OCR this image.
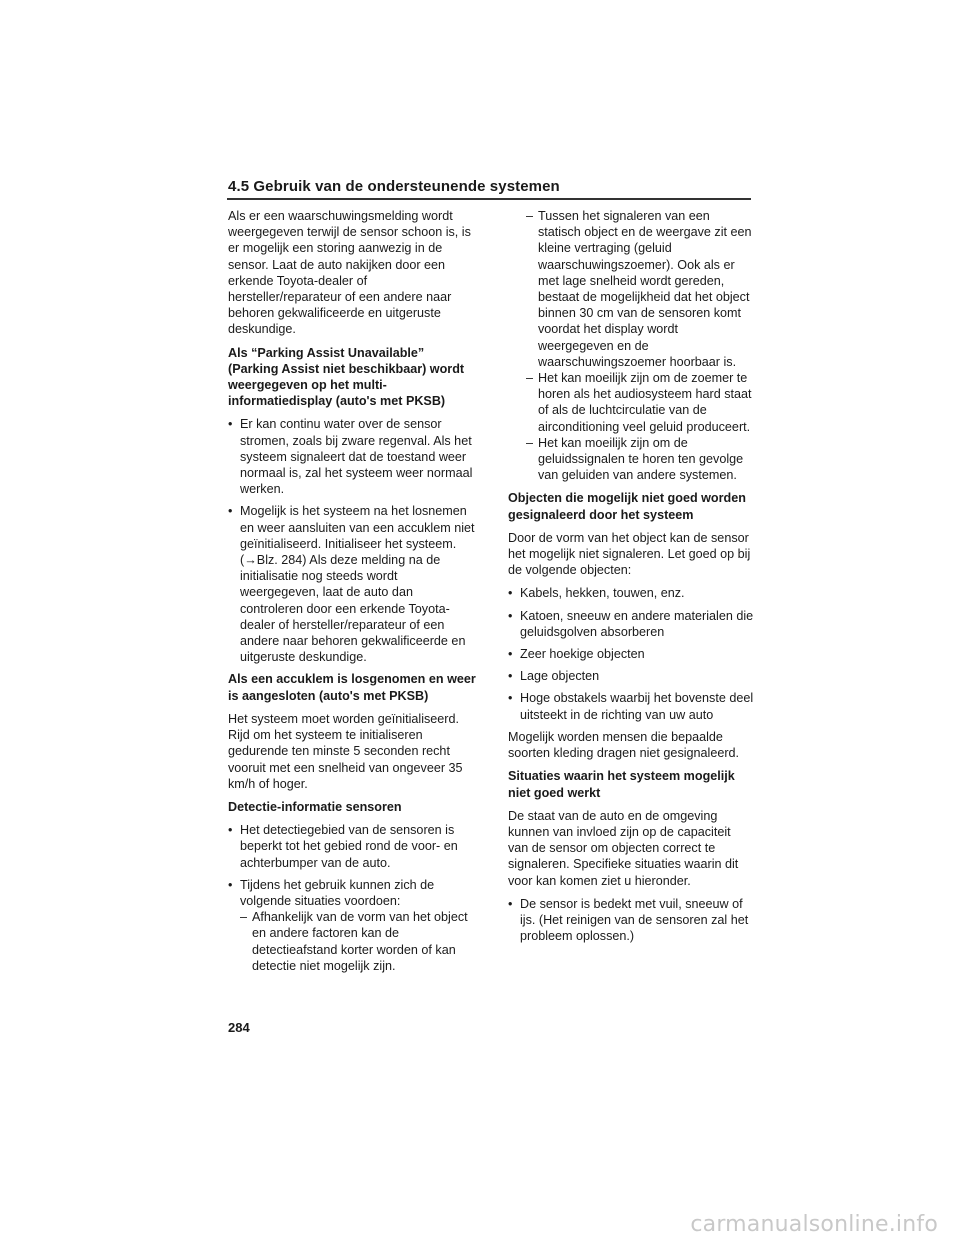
4.5 Gebruik van de ondersteunende systemen

Als er een waarschuwingsmelding wordt weergegeven terwijl de sensor schoon is, is er mogelijk een storing aanwezig in de sensor. Laat de auto nakijken door een erkende Toyota-dealer of hersteller/reparateur of een andere naar behoren gekwalificeerde en uitgeruste deskundige.

Als “Parking Assist Unavailable” (Parking Assist niet beschikbaar) wordt weergegeven op het multi-informatiedisplay (auto's met PKSB)
• Er kan continu water over de sensor stromen, zoals bij zware regenval. Als het systeem signaleert dat de toestand weer normaal is, zal het systeem weer normaal werken.
• Mogelijk is het systeem na het losnemen en weer aansluiten van een accuklem niet geïnitialiseerd. Initialiseer het systeem. (→Blz. 284) Als deze melding na de initialisatie nog steeds wordt weergegeven, laat de auto dan controleren door een erkende Toyota-dealer of hersteller/reparateur of een andere naar behoren gekwalificeerde en uitgeruste deskundige.
Als een accuklem is losgenomen en weer is aangesloten (auto's met PKSB)

Het systeem moet worden geïnitialiseerd. Rijd om het systeem te initialiseren gedurende ten minste 5 seconden recht vooruit met een snelheid van ongeveer 35 km/h of hoger.

Detectie-informatie sensoren
• Het detectiegebied van de sensoren is beperkt tot het gebied rond de voor- en achterbumper van de auto.
• Tijdens het gebruik kunnen zich de volgende situaties voordoen:
– Afhankelijk van de vorm van het object en andere factoren kan de detectieafstand korter worden of kan detectie niet mogelijk zijn.
– Tussen het signaleren van een statisch object en de weergave zit een kleine vertraging (geluid waarschuwingszoemer). Ook als er met lage snelheid wordt gereden, bestaat de mogelijkheid dat het object binnen 30 cm van de sensoren komt voordat het display wordt weergegeven en de waarschuwingszoemer hoorbaar is.
– Het kan moeilijk zijn om de zoemer te horen als het audiosysteem hard staat of als de luchtcirculatie van de airconditioning veel geluid produceert.
– Het kan moeilijk zijn om de geluidssignalen te horen ten gevolge van geluiden van andere systemen.
Objecten die mogelijk niet goed worden gesignaleerd door het systeem

Door de vorm van het object kan de sensor het mogelijk niet signaleren. Let goed op bij de volgende objecten:

• Kabels, hekken, touwen, enz.
• Katoen, sneeuw en andere materialen die geluidsgolven absorberen
• Zeer hoekige objecten
• Lage objecten
• Hoge obstakels waarbij het bovenste deel uitsteekt in de richting van uw auto

Mogelijk worden mensen die bepaalde soorten kleding dragen niet gesignaleerd.

Situaties waarin het systeem mogelijk niet goed werkt

De staat van de auto en de omgeving kunnen van invloed zijn op de capaciteit van de sensor om objecten correct te signaleren. Specifieke situaties waarin dit voor kan komen ziet u hieronder.

• De sensor is bedekt met vuil, sneeuw of ijs. (Het reinigen van de sensoren zal het probleem oplossen.)
284
carmanualsonline.info
